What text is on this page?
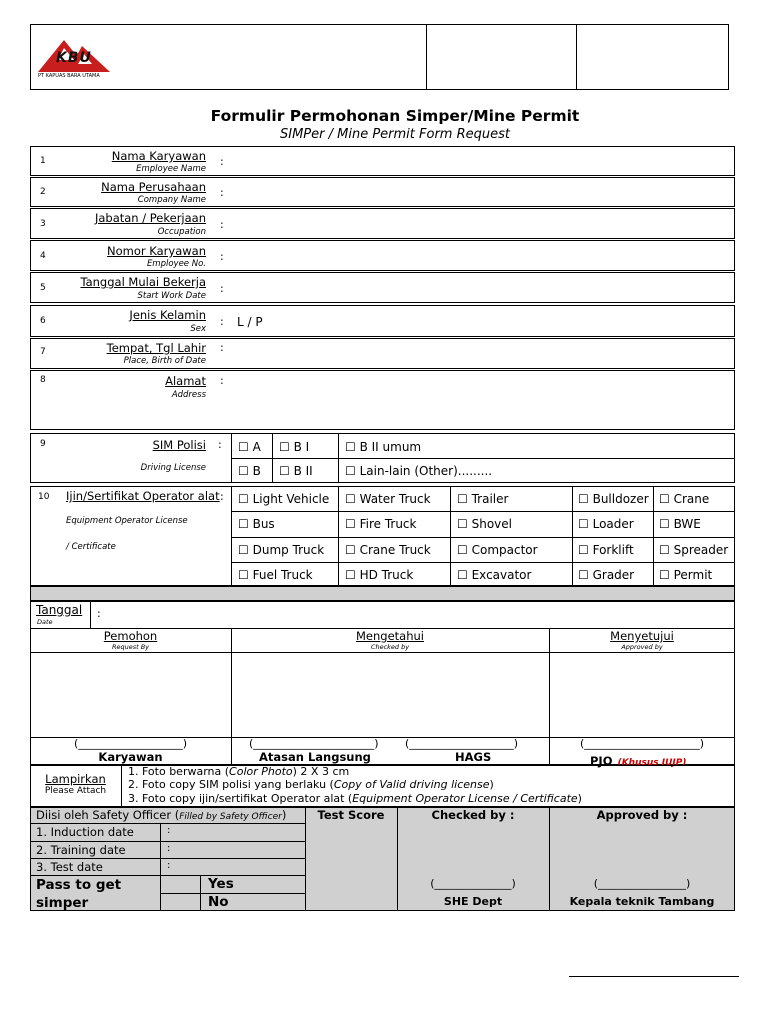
KBU
PT KAPUAS BARA UTAMA
Formulir Permohonan Simper/Mine Permit
SIMPer / Mine Permit Form Request
1	Nama Karyawan
Employee Name
:
2	Nama Perusahaan
Company Name
:
3	Jabatan / Pekerjaan
Occupation
:
4	Nomor Karyawan
Employee No.
:
5	Tanggal Mulai Bekerja
Start Work Date
:
6	Jenis Kelamin
Sex
: L / P
7	Tempat, Tgl Lahir
Place, Birth of Date
:
8	Alamat
Address
:
9	SIM Polisi
Driving License
: ☐ A ☐ B I	☐ B II umum
☐ B ☐ B II	☐ Lain-lain (Other).........
10 Ijin/Sertifikat Operator alat :
Equipment Operator License
/ Certificate
☐ Light Vehicle ☐ Water Truck ☐ Trailer	☐ Bulldozer ☐ Crane
☐ Bus	☐ Fire Truck	☐ Shovel	☐ Loader ☐ BWE
☐ Dump Truck ☐ Crane Truck ☐ Compactor	☐ Forklift ☐ Spreader
☐ Fuel Truck	☐ HD Truck	☐ Excavator	☐ Grader ☐ Permit
Tanggal
Date
:
Pemohon
Request By
Mengetahui
Checked by
Menyetujui
Approved by
(___________________)
Karyawan
(______________________)
Atasan Langsung
(___________________)
HAGS
(_____________________)
PJO (Khusus IUJP)
Lampirkan
Please Attach
1. Foto berwarna (Color Photo) 2 X 3 cm
2. Foto copy SIM polisi yang berlaku (Copy of Valid driving license)
3. Foto copy ijin/sertifikat Operator alat (Equipment Operator License / Certificate)
Diisi oleh Safety Officer (Filled by Safety Officer)
1. Induction date	:
2. Training date	:
3. Test date	:
Pass to get simper
Yes
No
Test Score	Checked by :	Approved by :
(______________)
SHE Dept
(________________)
Kepala teknik Tambang
